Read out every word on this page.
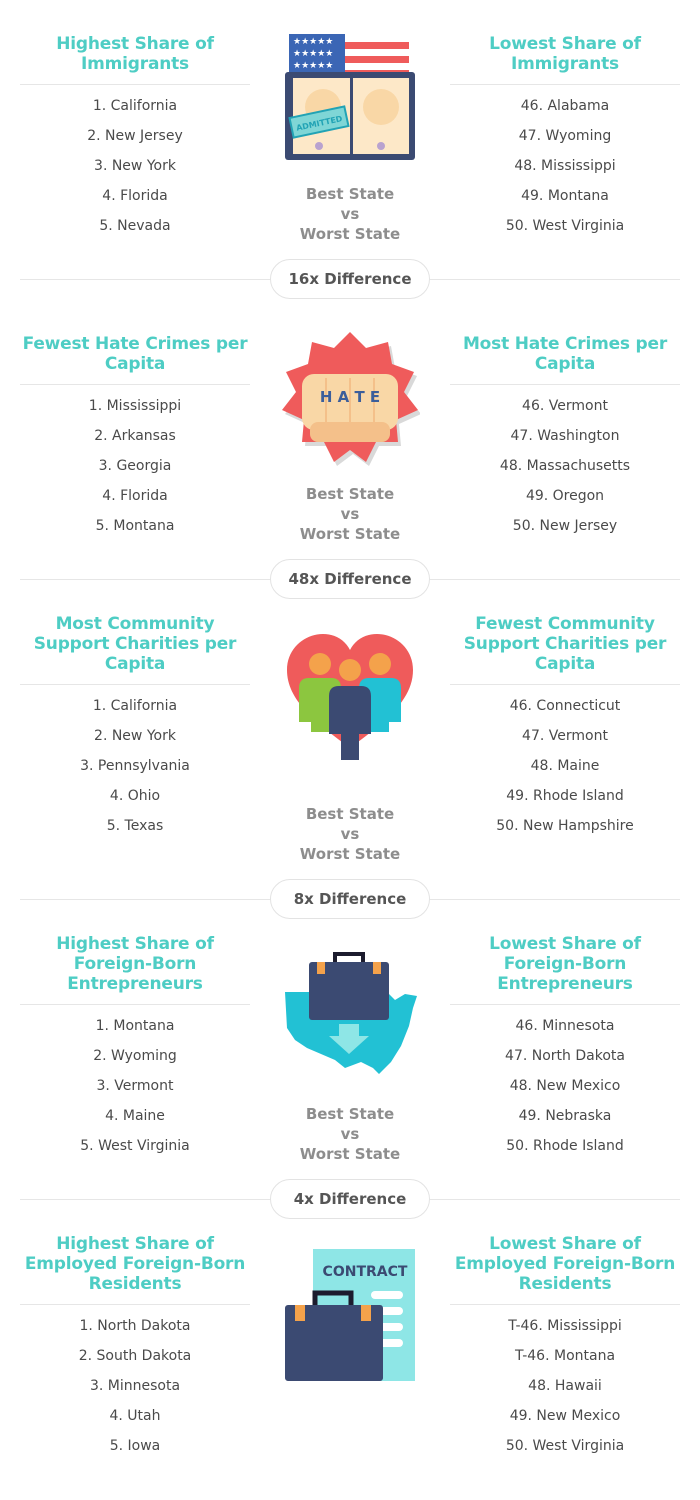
Highest Share of Immigrants
1. California
2. New Jersey
3. New York
4. Florida
5. Nevada
Lowest Share of Immigrants
46. Alabama
47. Wyoming
48. Mississippi
49. Montana
50. West Virginia
★★★★★
★★★★★
★★★★★
ADMITTED
Best State
vs
Worst State
16x Difference
Fewest Hate Crimes per Capita
1. Mississippi
2. Arkansas
3. Georgia
4. Florida
5. Montana
Most Hate Crimes per Capita
46. Vermont
47. Washington
48. Massachusetts
49. Oregon
50. New Jersey
H A T E
Best State
vs
Worst State
48x Difference
Most Community Support Charities per Capita
1. California
2. New York
3. Pennsylvania
4. Ohio
5. Texas
Fewest Community Support Charities per Capita
46. Connecticut
47. Vermont
48. Maine
49. Rhode Island
50. New Hampshire
Best State
vs
Worst State
8x Difference
Highest Share of Foreign-Born Entrepreneurs
1. Montana
2. Wyoming
3. Vermont
4. Maine
5. West Virginia
Lowest Share of Foreign-Born Entrepreneurs
46. Minnesota
47. North Dakota
48. New Mexico
49. Nebraska
50. Rhode Island
Best State
vs
Worst State
4x Difference
Highest Share of Employed Foreign-Born Residents
1. North Dakota
2. South Dakota
3. Minnesota
4. Utah
5. Iowa
Lowest Share of Employed Foreign-Born Residents
T-46. Mississippi
T-46. Montana
48. Hawaii
49. New Mexico
50. West Virginia
CONTRACT
